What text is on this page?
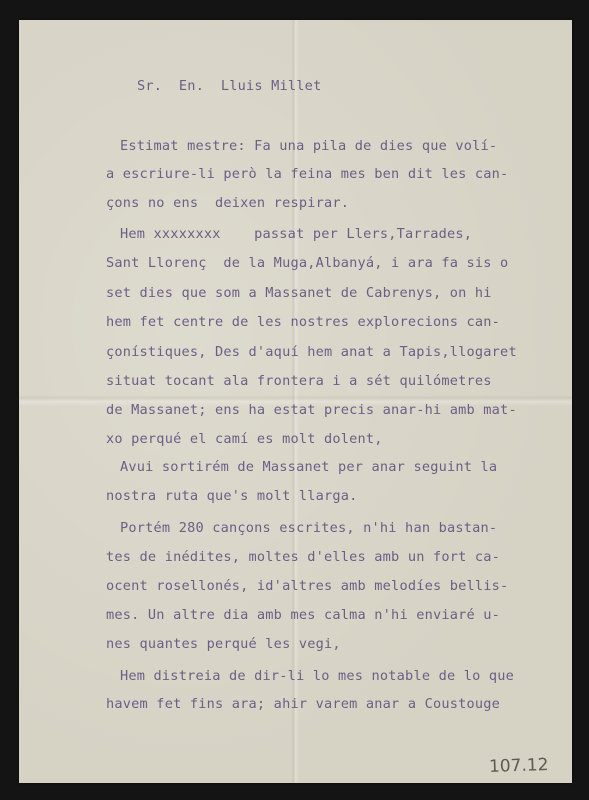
Sr.  En.  Lluis Millet
Estimat mestre: Fa una pila de dies que volí-
a escriure-li però la feina mes ben dit les can-
çons no ens  deixen respirar.
Hem xxxxxxxx    passat per Llers,Tarrades,
Sant Llorenç  de la Muga,Albanyá, i ara fa sis o
set dies que som a Massanet de Cabrenys, on hi
hem fet centre de les nostres explorecions can-
çonístiques, Des d'aquí hem anat a Tapis,llogaret
situat tocant ala frontera i a sét quilómetres
de Massanet; ens ha estat precis anar-hi amb mat-
xo perqué el camí es molt dolent,
Avui sortirém de Massanet per anar seguint la
nostra ruta que's molt llarga.
Portém 280 cançons escrites, n'hi han bastan-
tes de inédites, moltes d'elles amb un fort ca-
ocent rosellonés, id'altres amb melodíes bellis-
mes. Un altre dia amb mes calma n'hi enviaré u-
nes quantes perqué les vegi,
Hem distreia de dir-li lo mes notable de lo que
havem fet fins ara; ahir varem anar a Coustouge
107.12
